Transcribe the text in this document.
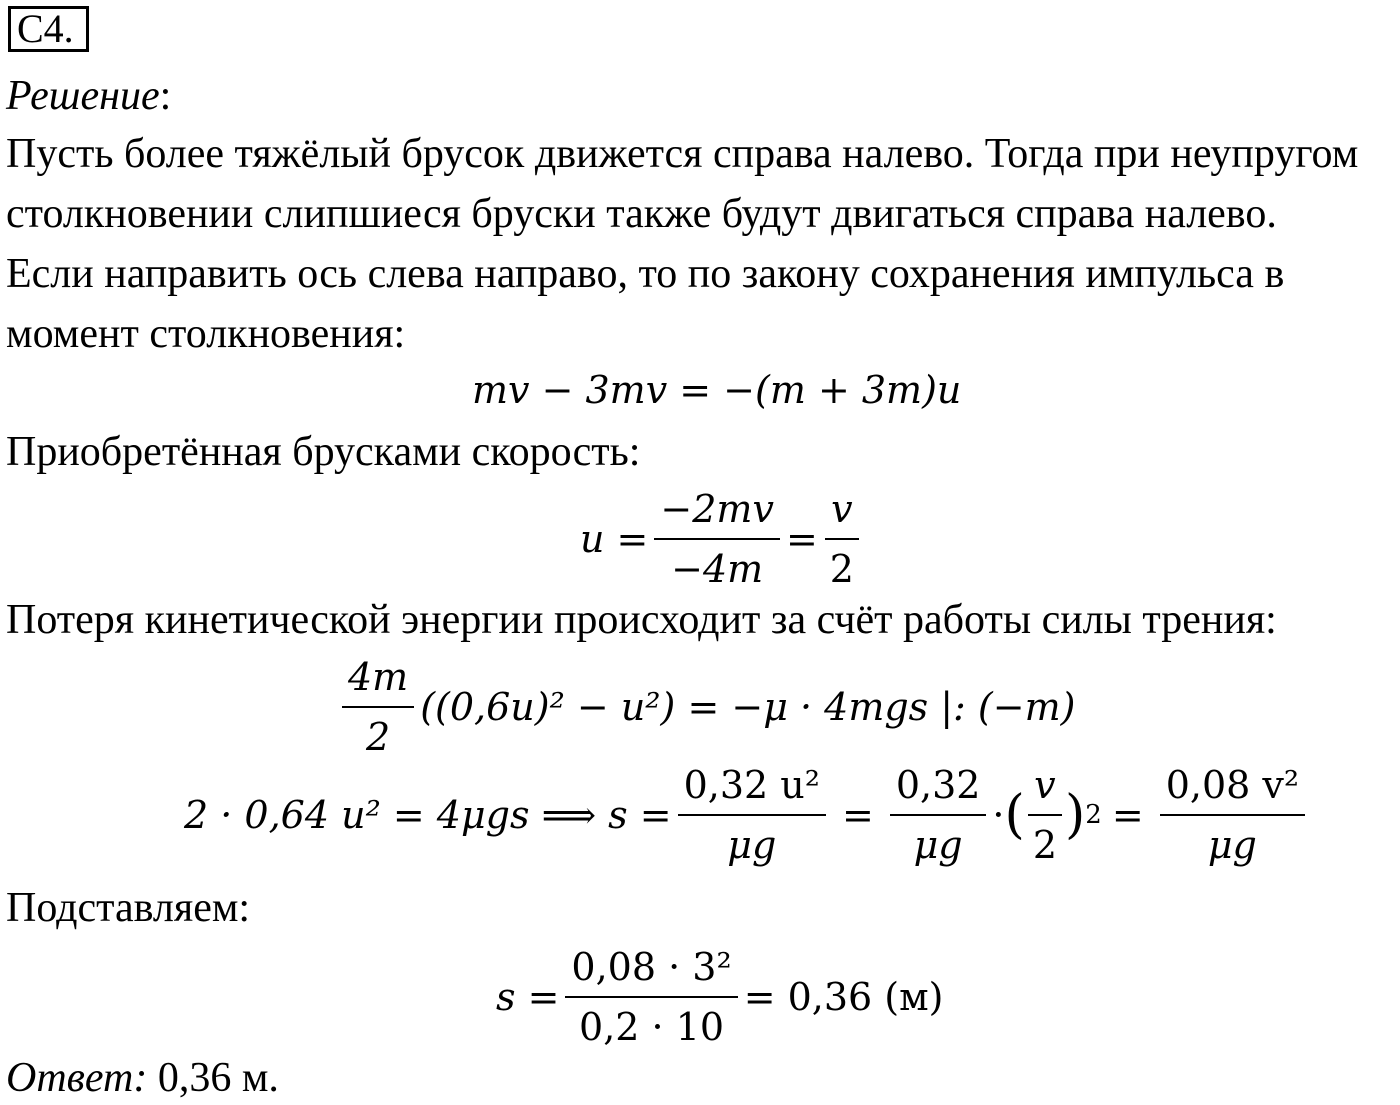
C4.
Решение:
Пусть более тяжёлый брусок движется справа налево. Тогда при неупругом
столкновении слипшиеся бруски также будут двигаться справа налево.
Если направить ось слева направо, то по закону сохранения импульса в
момент столкновения:
mv − 3mv = −(m + 3m)u
Приобретённая брусками скорость:
$u = \frac{-2mv}{-4m} = \frac{v}{2}$
Потеря кинетической энергии происходит за счёт работы силы трения:
$\frac{4m}{2} ((0,6u)^2 - u^2) = -\mu \cdot 4mgs$ |: (−m)
2 · 0,64 u² = 4μgs ⟹ $s = \frac{\text{0,32 u²}}{\mu g} = \frac{0,32}{\mu g}$ · ( $\frac{v}{2}$ ) $2 = \frac{\text{0,08 v²}}{\mu g}$
Подставляем:
$s = \frac{\text{0,08 · 3²}}{0,2 \cdot 10} = 0,36$ (м)
Ответ: 0,36 м.
